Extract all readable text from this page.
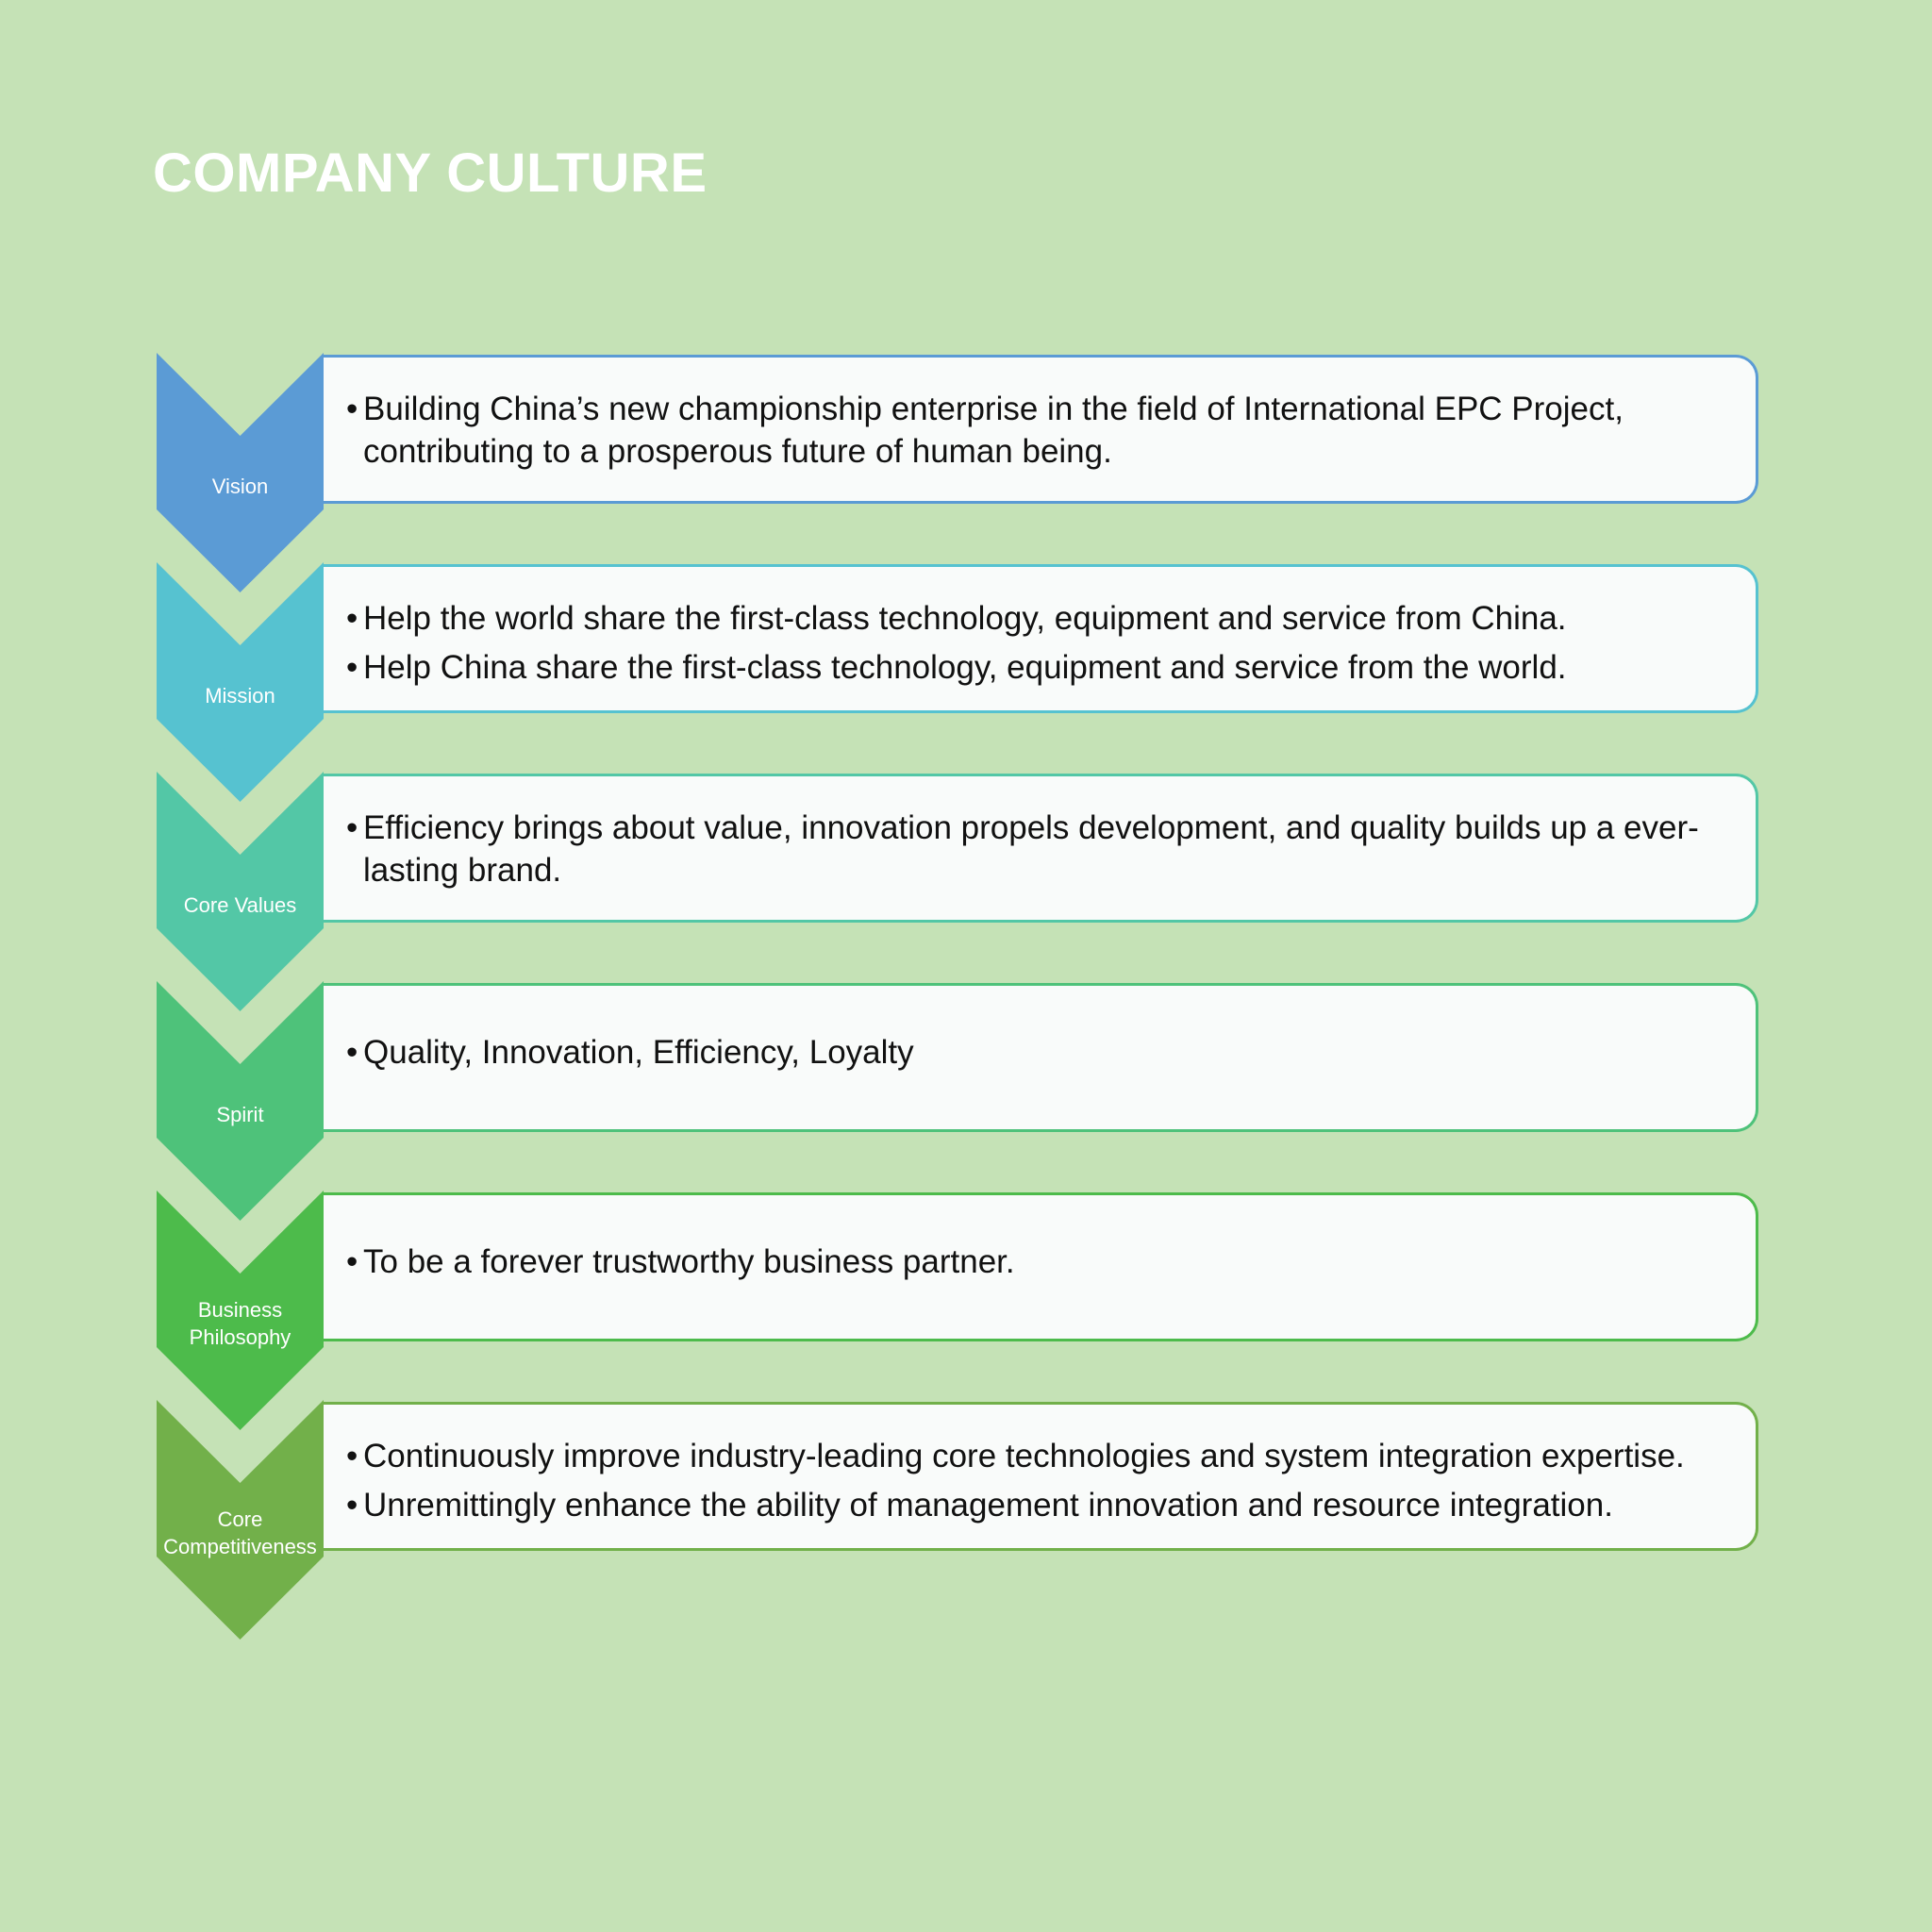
COMPANY CULTURE
Vision
• Building China’s new championship enterprise in the field of International EPC Project, contributing to a prosperous future of human being.
Mission
• Help the world share the first-class technology, equipment and service from China.
• Help China share the first-class technology, equipment and service from the world.
Core Values
• Efficiency brings about value, innovation propels development, and quality builds up a ever-lasting brand.
Spirit
• Quality, Innovation, Efficiency, Loyalty
Business
Philosophy
• To be a forever trustworthy business partner.
Core
Competitiveness
• Continuously improve industry-leading core technologies and system integration expertise.
• Unremittingly enhance the ability of management innovation and resource integration.
